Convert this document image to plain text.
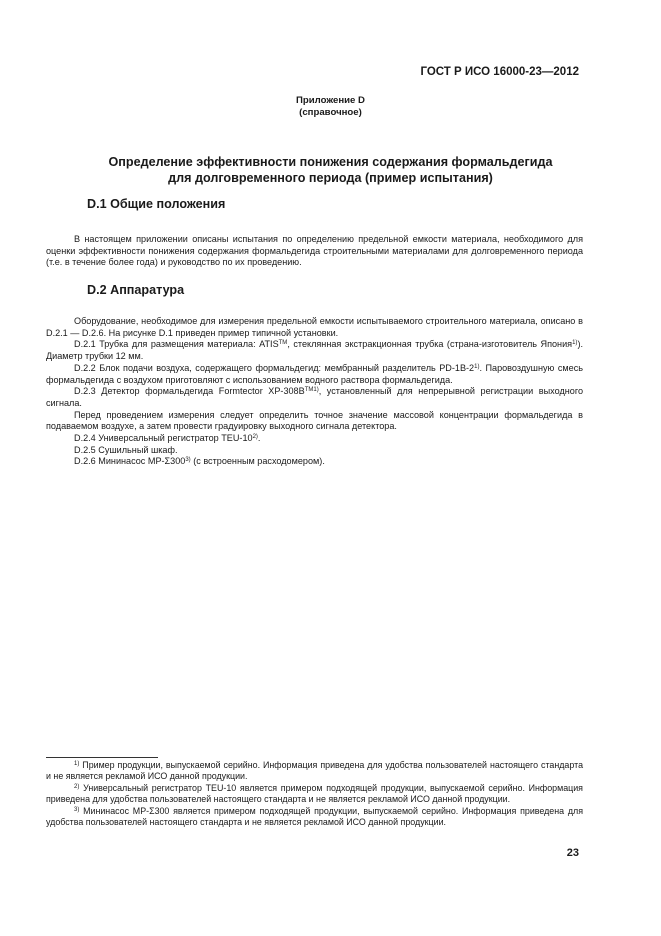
ГОСТ Р ИСО 16000-23—2012
Приложение D
(справочное)
Определение эффективности понижения содержания формальдегида
для долговременного периода (пример испытания)
D.1 Общие положения

В настоящем приложении описаны испытания по определению предельной емкости материала, необходимого для оценки эффективности понижения содержания формальдегида строительными материалами для долговременного периода (т.е. в течение более года) и руководство по их проведению.

D.2 Аппаратура

Оборудование, необходимое для измерения предельной емкости испытываемого строительного материала, описано в D.2.1 — D.2.6. На рисунке D.1 приведен пример типичной установки.

D.2.1 Трубка для размещения материала: ATIS™, стеклянная экстракционная трубка (страна-изготовитель Япония$^{1)}$). Диаметр трубки 12 мм.

D.2.2 Блок подачи воздуха, содержащего формальдегид: мембранный разделитель PD-1B-2$^{1)}$. Паровоздушную смесь формальдегида с воздухом приготовляют с использованием водного раствора формальдегида.

D.2.3 Детектор формальдегида Formtector $XP-308B^{TM1)}$, установленный для непрерывной регистрации выходного сигнала.

Перед проведением измерения следует определить точное значение массовой концентрации формальдегида в подаваемом воздухе, а затем провести градуировку выходного сигнала детектора.

D.2.4 Универсальный регистратор TEU-10$^{2)}$.

D.2.5 Сушильный шкаф.

D.2.6 Мининасос MP-Σ300$^{3)}$ (с встроенным расходомером).

$^{1)}$ Пример продукции, выпускаемой серийно. Информация приведена для удобства пользователей настоящего стандарта и не является рекламой ИСО данной продукции.

$^{2)}$ Универсальный регистратор TEU-10 является примером подходящей продукции, выпускаемой серийно. Информация приведена для удобства пользователей настоящего стандарта и не является рекламой ИСО данной продукции.

$^{3)}$ Мининасос MP-Σ300 является примером подходящей продукции, выпускаемой серийно. Информация приведена для удобства пользователей настоящего стандарта и не является рекламой ИСО данной продукции.

23
